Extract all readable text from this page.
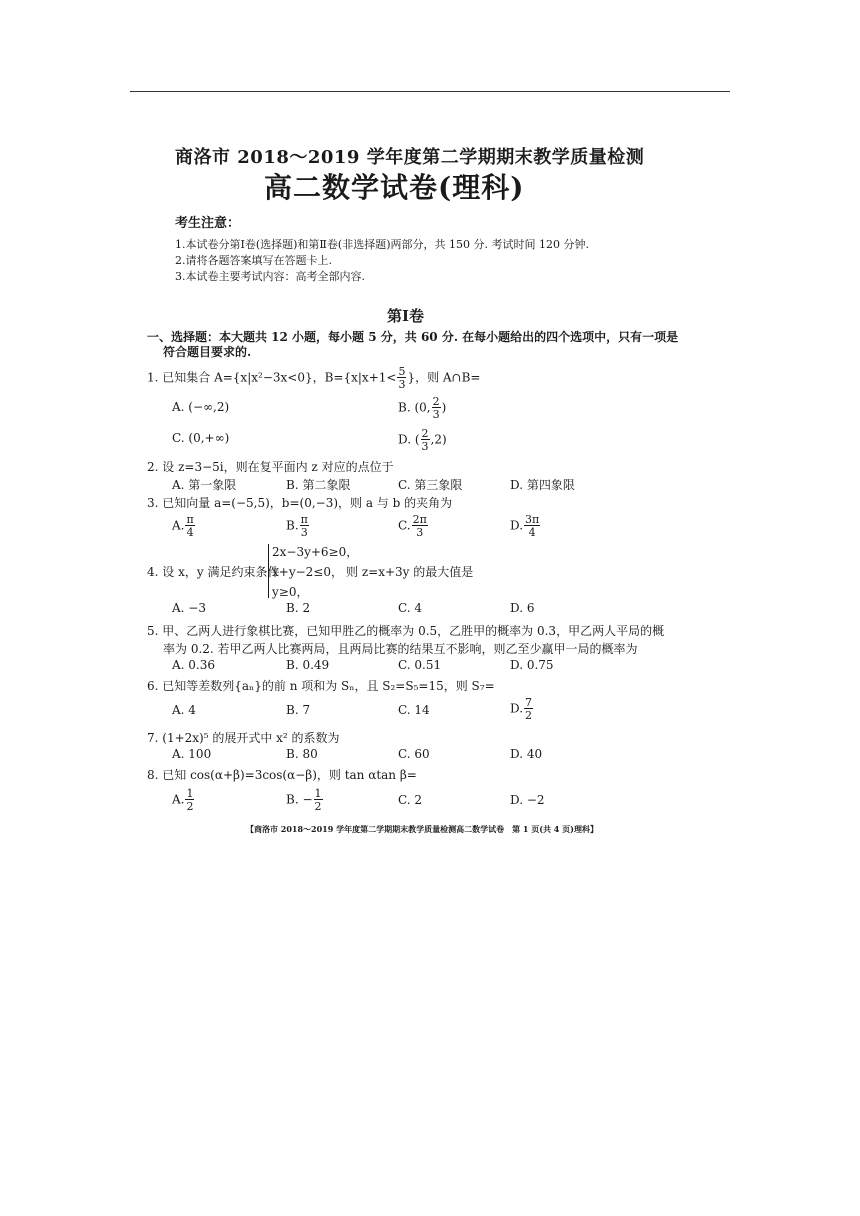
商洛市 2018～2019 学年度第二学期期末教学质量检测
高二数学试卷(理科)
考生注意：
1.本试卷分第Ⅰ卷(选择题)和第Ⅱ卷(非选择题)两部分，共 150 分. 考试时间 120 分钟.
2.请将各题答案填写在答题卡上.
3.本试卷主要考试内容：高考全部内容.
第Ⅰ卷
一、选择题：本大题共 12 小题，每小题 5 分，共 60 分. 在每小题给出的四个选项中，只有一项是
符合题目要求的.
1. 已知集合 A={x|x²−3x<0}，$B=\{x|x+1< \frac{5}{3}$ }，则 A∩B=
A. (−∞,2)	B. (0, $\frac{2}{3}$ )
C. (0,+∞)	D. ( $\frac{2}{3} ,2$)
2. 设 z=3−5i，则在复平面内 z 对应的点位于
A. 第一象限	B. 第二象限	C. 第三象限	D. 第四象限
3. 已知向量 a=(−5,5)，b=(0,−3)，则 a 与 b 的夹角为
A. $\frac{\pi}{4}$	B. $\frac{\pi}{3}$	C. $\frac{2\pi}{3}$	D. $\frac{3\pi}{4}$
4. 设 x，y 满足约束条件
2x−3y+6≥0，
x+y−2≤0，
y≥0，
则 z=x+3y 的最大值是
A. −3	B. 2	C. 4	D. 6
5. 甲、乙两人进行象棋比赛，已知甲胜乙的概率为 0.5，乙胜甲的概率为 0.3，甲乙两人平局的概
率为 0.2. 若甲乙两人比赛两局，且两局比赛的结果互不影响，则乙至少赢甲一局的概率为
A. 0.36	B. 0.49	C. 0.51	D. 0.75
6. 已知等差数列{aₙ}的前 n 项和为 Sₙ，且 S₂=S₅=15，则 S₇=
A. 4	B. 7	C. 14	D. $\frac{7}{2}$
7. (1+2x)⁵ 的展开式中 x² 的系数为
A. 100	B. 80	C. 60	D. 40
8. 已知 cos(α+β)=3cos(α−β)，则 tan αtan β=
A. $\frac{1}{2}$	B. − $\frac{1}{2}$	C. 2	D. −2
【商洛市 2018～2019 学年度第二学期期末教学质量检测高二数学试卷　第 1 页(共 4 页)理科】
